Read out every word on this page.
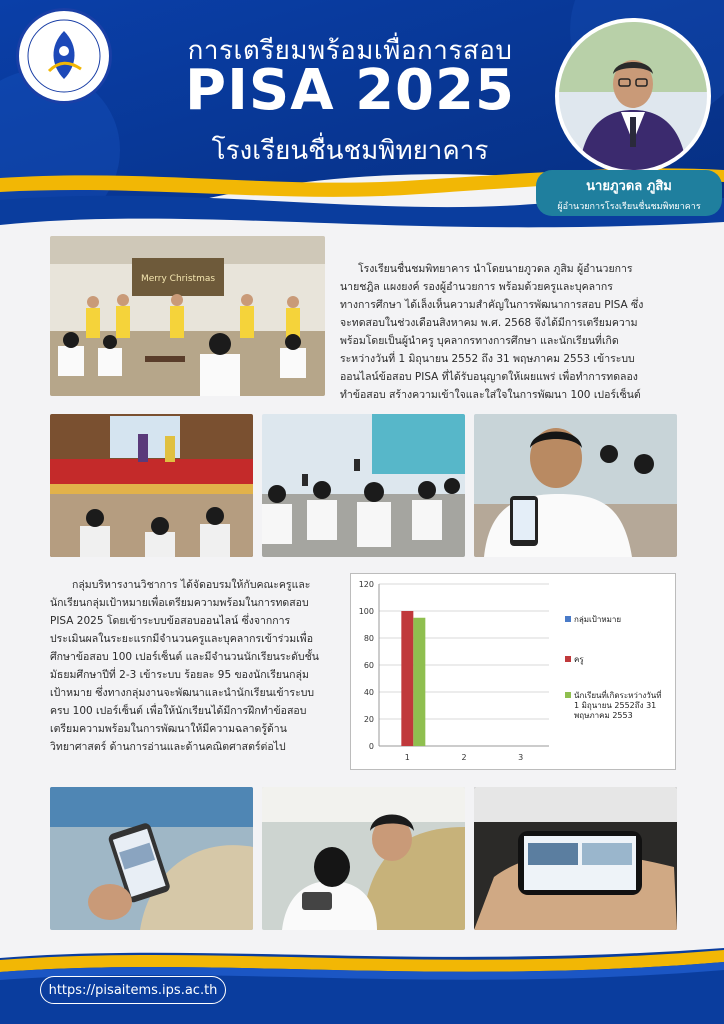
การเตรียมพร้อมเพื่อการสอบ
PISA 2025
โรงเรียนชื่นชมพิทยาคาร
นายภูวดล ภูสิม
ผู้อำนวยการโรงเรียนชื่นชมพิทยาคาร
Merry Christmas
โรงเรียนชื่นชมพิทยาคาร นำโดยนายภูวดล ภูสิม ผู้อำนวยการ
นายชฎิล แผงยงค์ รองผู้อำนวยการ พร้อมด้วยครูและบุคลากร
ทางการศึกษา ได้เล็งเห็นความสำคัญในการพัฒนาการสอบ PISA ซึ่ง
จะทดสอบในช่วงเดือนสิงหาคม พ.ศ. 2568 จึงได้มีการเตรียมความ
พร้อมโดยเป็นผู้นำครู บุคลากรทางการศึกษา และนักเรียนที่เกิด
ระหว่างวันที่ 1 มิถุนายน 2552 ถึง 31 พฤษภาคม 2553 เข้าระบบ
ออนไลน์ข้อสอบ PISA ที่ได้รับอนุญาตให้เผยแพร่ เพื่อทำการทดลอง
ทำข้อสอบ สร้างความเข้าใจและใส่ใจในการพัฒนา 100 เปอร์เซ็นต์
กลุ่มบริหารงานวิชาการ ได้จัดอบรมให้กับคณะครูและ
นักเรียนกลุ่มเป้าหมายเพื่อเตรียมความพร้อมในการทดสอบ
PISA 2025 โดยเข้าระบบข้อสอบออนไลน์ ซึ่งจากการ
ประเมินผลในระยะแรกมีจำนวนครูและบุคลากรเข้าร่วมเพื่อ
ศึกษาข้อสอบ 100 เปอร์เซ็นต์ และมีจำนวนนักเรียนระดับชั้น
มัธยมศึกษาปีที่ 2-3 เข้าระบบ ร้อยละ 95 ของนักเรียนกลุ่ม
เป้าหมาย ซึ่งทางกลุ่มงานจะพัฒนาและนำนักเรียนเข้าระบบ
ครบ 100 เปอร์เซ็นต์ เพื่อให้นักเรียนได้มีการฝึกทำข้อสอบ
เตรียมความพร้อมในการพัฒนาให้มีความฉลาดรู้ด้าน
วิทยาศาสตร์ ด้านการอ่านและด้านคณิตศาสตร์ต่อไป	0
20
40
60
80
100
120
1	2	3
กลุ่มเป้าหมาย
ครู
นักเรียนที่เกิดระหว่างวันที่
1 มิถุนายน 2552ถึง 31
พฤษภาคม 2553
https://pisaitems.ips.ac.th
